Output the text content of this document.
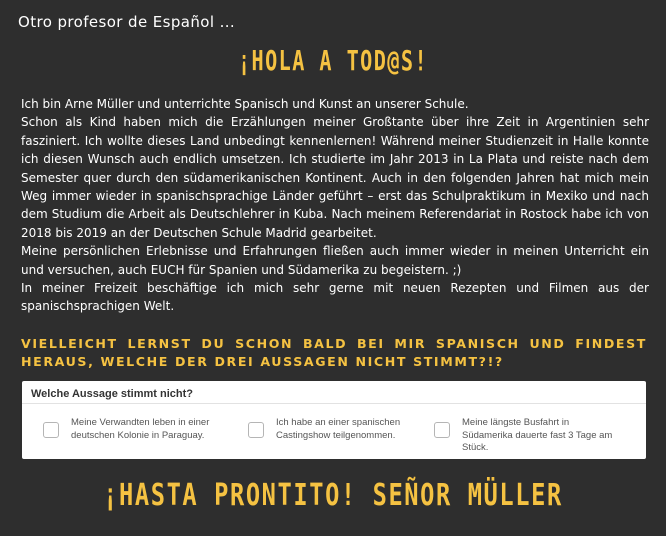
Otro profesor de Español ...
¡HOLA A TOD@S!

Ich bin Arne Müller und unterrichte Spanisch und Kunst an unserer Schule.

Schon als Kind haben mich die Erzählungen meiner Großtante über ihre Zeit in Argentinien sehr fasziniert. Ich wollte dieses Land unbedingt kennenlernen! Während meiner Studienzeit in Halle konnte ich diesen Wunsch auch endlich umsetzen. Ich studierte im Jahr 2013 in La Plata und reiste nach dem Semester quer durch den südamerikanischen Kontinent. Auch in den folgenden Jahren hat mich mein Weg immer wieder in spanischsprachige Länder geführt – erst das Schulpraktikum in Mexiko und nach dem Studium die Arbeit als Deutschlehrer in Kuba. Nach meinem Referendariat in Rostock habe ich von 2018 bis 2019 an der Deutschen Schule Madrid gearbeitet.

Meine persönlichen Erlebnisse und Erfahrungen fließen auch immer wieder in meinen Unterricht ein und versuchen, auch EUCH für Spanien und Südamerika zu begeistern. ;)

In meiner Freizeit beschäftige ich mich sehr gerne mit neuen Rezepten und Filmen aus der spanischsprachigen Welt.

VIELLEICHT LERNST DU SCHON BALD BEI MIR SPANISCH UND FINDEST HERAUS, WELCHE DER DREI AUSSAGEN NICHT STIMMT?!?
Welche Aussage stimmt nicht?
Meine Verwandten leben in einer deutschen Kolonie in Paraguay.
Ich habe an einer spanischen Castingshow teilgenommen.
Meine längste Busfahrt in Südamerika dauerte fast 3 Tage am Stück.
¡HASTA PRONTITO! SEÑOR MÜLLER
